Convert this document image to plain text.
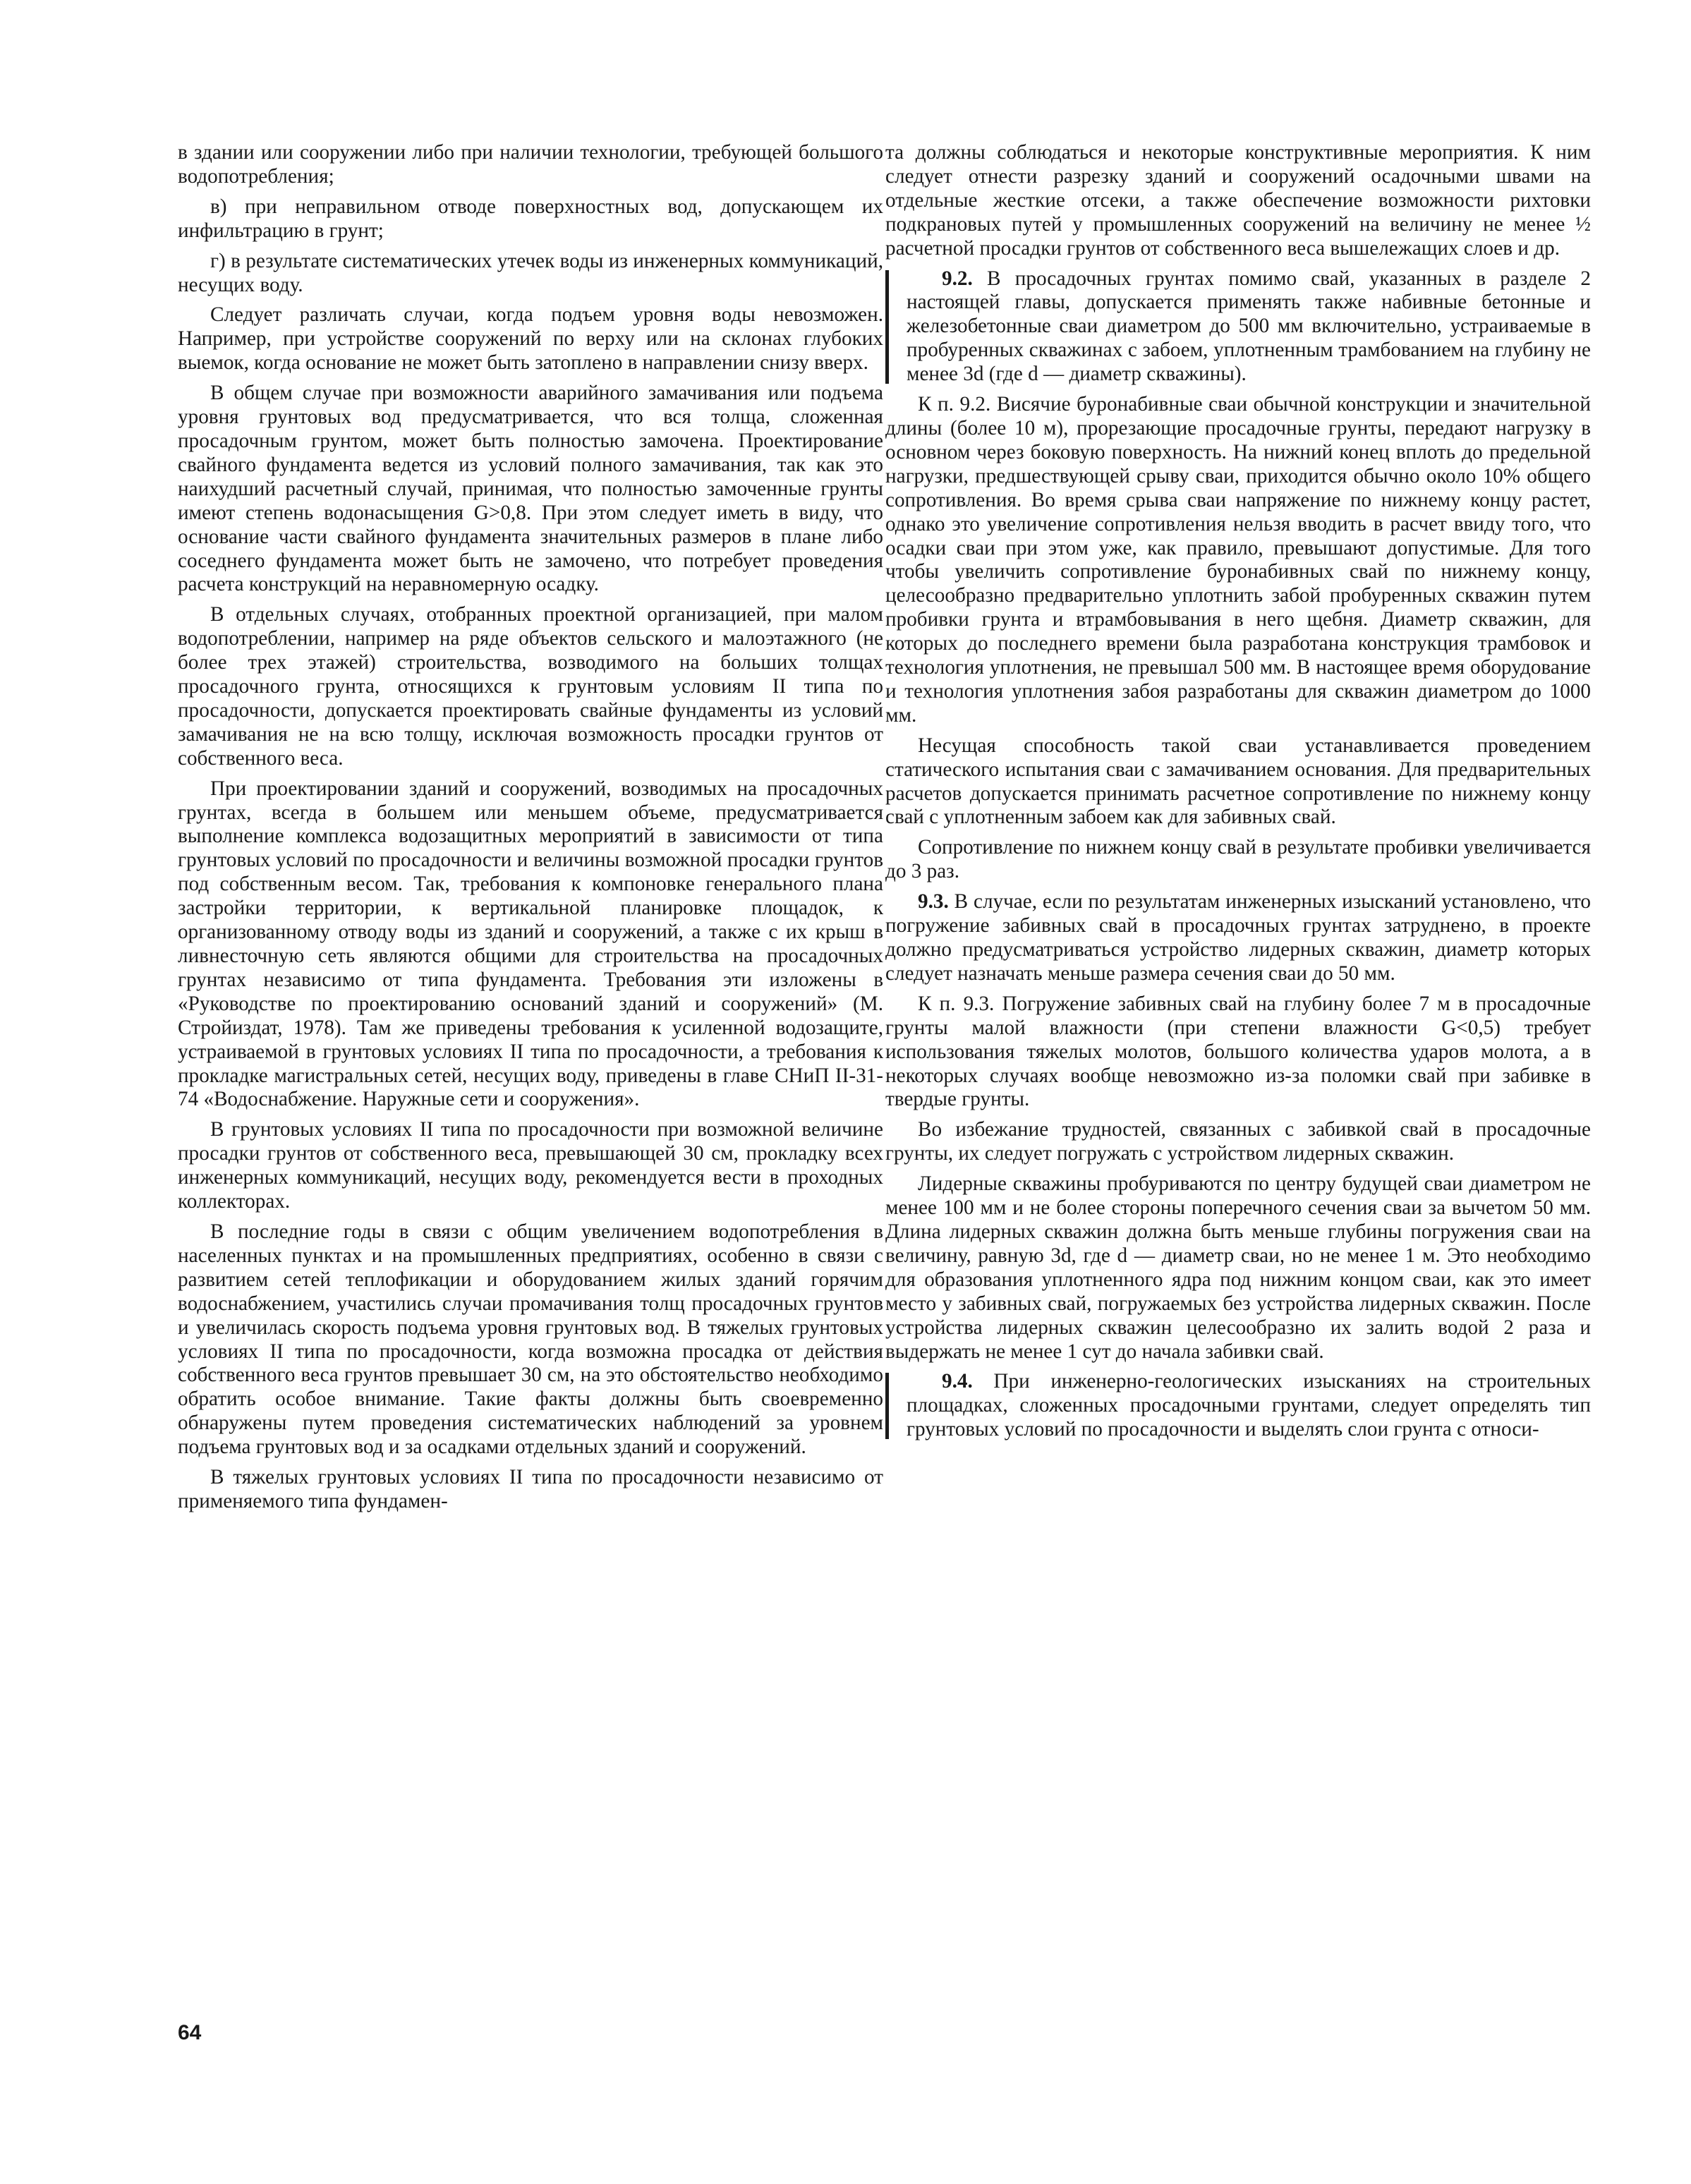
в здании или сооружении либо при наличии технологии, требующей большого водопотребления;

в) при неправильном отводе поверхностных вод, допускающем их инфильтрацию в грунт;

г) в результате систематических утечек воды из инженерных коммуникаций, несущих воду.

Следует различать случаи, когда подъем уровня воды невозможен. Например, при устройстве сооружений по верху или на склонах глубоких выемок, когда основание не может быть затоплено в направлении снизу вверх.

В общем случае при возможности аварийного замачивания или подъема уровня грунтовых вод предусматривается, что вся толща, сложенная просадочным грунтом, может быть полностью замочена. Проектирование свайного фундамента ведется из условий полного замачивания, так как это наихудший расчетный случай, принимая, что полностью замоченные грунты имеют степень водонасыщения G>0,8. При этом следует иметь в виду, что основание части свайного фундамента значительных размеров в плане либо соседнего фундамента может быть не замочено, что потребует проведения расчета конструкций на неравномерную осадку.

В отдельных случаях, отобранных проектной организацией, при малом водопотреблении, например на ряде объектов сельского и малоэтажного (не более трех этажей) строительства, возводимого на больших толщах просадочного грунта, относящихся к грунтовым условиям II типа по просадочности, допускается проектировать свайные фундаменты из условий замачивания не на всю толщу, исключая возможность просадки грунтов от собственного веса.

При проектировании зданий и сооружений, возводимых на просадочных грунтах, всегда в большем или меньшем объеме, предусматривается выполнение комплекса водозащитных мероприятий в зависимости от типа грунтовых условий по просадочности и величины возможной просадки грунтов под собственным весом. Так, требования к компоновке генерального плана застройки территории, к вертикальной планировке площадок, к организованному отводу воды из зданий и сооружений, а также с их крыш в ливнесточную сеть являются общими для строительства на просадочных грунтах независимо от типа фундамента. Требования эти изложены в «Руководстве по проектированию оснований зданий и сооружений» (М. Стройиздат, 1978). Там же приведены требования к усиленной водозащите, устраиваемой в грунтовых условиях II типа по просадочности, а требования к прокладке магистральных сетей, несущих воду, приведены в главе СНиП II-31-74 «Водоснабжение. Наружные сети и сооружения».

В грунтовых условиях II типа по просадочности при возможной величине просадки грунтов от собственного веса, превышающей 30 см, прокладку всех инженерных коммуникаций, несущих воду, рекомендуется вести в проходных коллекторах.

В последние годы в связи с общим увеличением водопотребления в населенных пунктах и на промышленных предприятиях, особенно в связи с развитием сетей теплофикации и оборудованием жилых зданий горячим водоснабжением, участились случаи промачивания толщ просадочных грунтов и увеличилась скорость подъема уровня грунтовых вод. В тяжелых грунтовых условиях II типа по просадочности, когда возможна просадка от действия собственного веса грунтов превышает 30 см, на это обстоятельство необходимо обратить особое внимание. Такие факты должны быть своевременно обнаружены путем проведения систематических наблюдений за уровнем подъема грунтовых вод и за осадками отдельных зданий и сооружений.

В тяжелых грунтовых условиях II типа по просадочности независимо от применяемого типа фундамен-

та должны соблюдаться и некоторые конструктивные мероприятия. К ним следует отнести разрезку зданий и сооружений осадочными швами на отдельные жесткие отсеки, а также обеспечение возможности рихтовки подкрановых путей у промышленных сооружений на величину не менее ½ расчетной просадки грунтов от собственного веса вышележащих слоев и др.

9.2. В просадочных грунтах помимо свай, указанных в разделе 2 настоящей главы, допускается применять также набивные бетонные и железобетонные сваи диаметром до 500 мм включительно, устраиваемые в пробуренных скважинах с забоем, уплотненным трамбованием на глубину не менее 3d (где d — диаметр скважины).

К п. 9.2. Висячие буронабивные сваи обычной конструкции и значительной длины (более 10 м), прорезающие просадочные грунты, передают нагрузку в основном через боковую поверхность. На нижний конец вплоть до предельной нагрузки, предшествующей срыву сваи, приходится обычно около 10% общего сопротивления. Во время срыва сваи напряжение по нижнему концу растет, однако это увеличение сопротивления нельзя вводить в расчет ввиду того, что осадки сваи при этом уже, как правило, превышают допустимые. Для того чтобы увеличить сопротивление буронабивных свай по нижнему концу, целесообразно предварительно уплотнить забой пробуренных скважин путем пробивки грунта и втрамбовывания в него щебня. Диаметр скважин, для которых до последнего времени была разработана конструкция трамбовок и технология уплотнения, не превышал 500 мм. В настоящее время оборудование и технология уплотнения забоя разработаны для скважин диаметром до 1000 мм.

Несущая способность такой сваи устанавливается проведением статического испытания сваи с замачиванием основания. Для предварительных расчетов допускается принимать расчетное сопротивление по нижнему концу свай с уплотненным забоем как для забивных свай.

Сопротивление по нижнем концу свай в результате пробивки увеличивается до 3 раз.

9.3. В случае, если по результатам инженерных изысканий установлено, что погружение забивных свай в просадочных грунтах затруднено, в проекте должно предусматриваться устройство лидерных скважин, диаметр которых следует назначать меньше размера сечения сваи до 50 мм.

К п. 9.3. Погружение забивных свай на глубину более 7 м в просадочные грунты малой влажности (при степени влажности G<0,5) требует использования тяжелых молотов, большого количества ударов молота, а в некоторых случаях вообще невозможно из-за поломки свай при забивке в твердые грунты.

Во избежание трудностей, связанных с забивкой свай в просадочные грунты, их следует погружать с устройством лидерных скважин.

Лидерные скважины пробуриваются по центру будущей сваи диаметром не менее 100 мм и не более стороны поперечного сечения сваи за вычетом 50 мм. Длина лидерных скважин должна быть меньше глубины погружения сваи на величину, равную 3d, где d — диаметр сваи, но не менее 1 м. Это необходимо для образования уплотненного ядра под нижним концом сваи, как это имеет место у забивных свай, погружаемых без устройства лидерных скважин. После устройства лидерных скважин целесообразно их залить водой 2 раза и выдержать не менее 1 сут до начала забивки свай.

9.4. При инженерно-геологических изысканиях на строительных площадках, сложенных просадочными грунтами, следует определять тип грунтовых условий по просадочности и выделять слои грунта с относи-

64
